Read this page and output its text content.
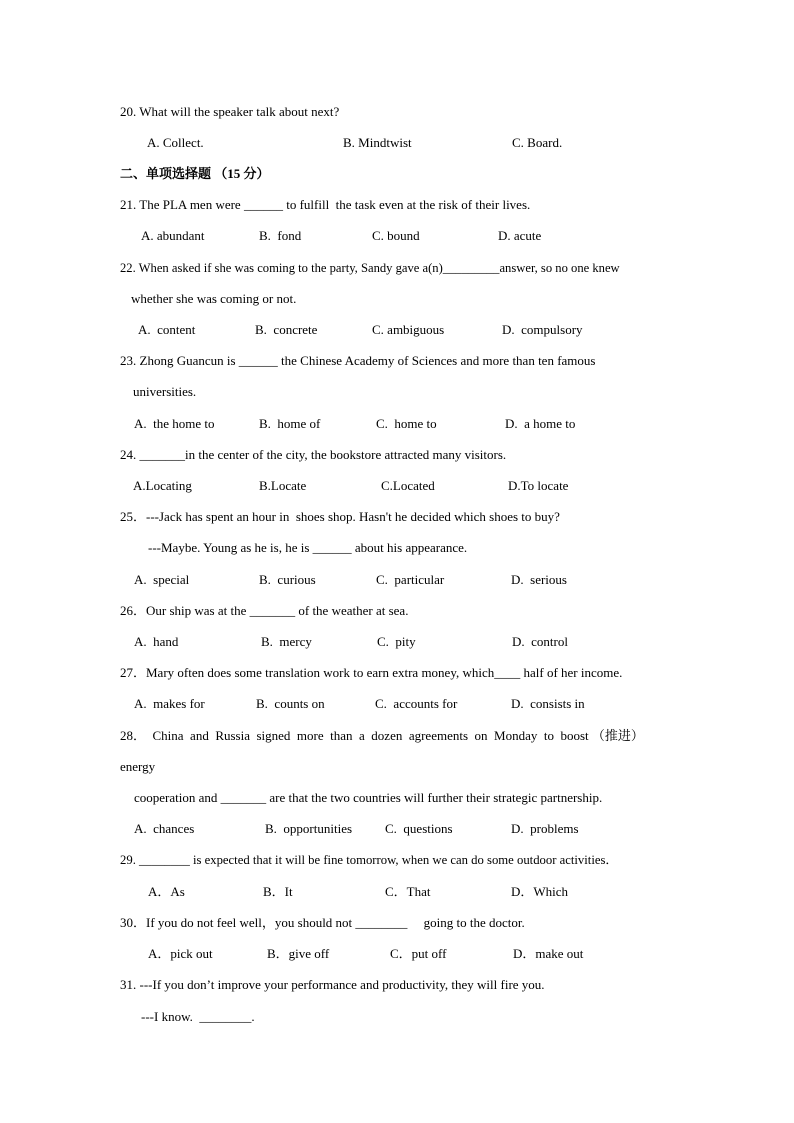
20. What will the speaker talk about next?
A. Collect.	B. Mindtwist	C. Board.
二、单项选择题 （15 分）
21. The PLA men were ______ to fulfill  the task even at the risk of their lives.
A. abundant	B.  fond	C. bound	D. acute
22. When asked if she was coming to the party, Sandy gave a(n)_________answer, so no one knew
whether she was coming or not.
A.  content	B.  concrete	C. ambiguous	D.  compulsory
23. Zhong Guancun is ______ the Chinese Academy of Sciences and more than ten famous
universities.
A.  the home to	B.  home of	C.  home to	D.  a home to
24. _______in the center of the city, the bookstore attracted many visitors.
A.Locating	B.Locate	C.Located	D.To locate
25．---Jack has spent an hour in  shoes shop. Hasn't he decided which shoes to buy?
---Maybe. Young as he is, he is ______ about his appearance.
A.  special	B.  curious	C.  particular	D.  serious
26．Our ship was at the _______ of the weather at sea.
A.  hand	B.  mercy	C.  pity	D.  control
27．Mary often does some translation work to earn extra money, which____ half of her income.
A.  makes for	B.  counts on	C.  accounts for	D.  consists in
28．  China  and  Russia  signed  more  than  a  dozen  agreements  on  Monday  to  boost （推进）
energy
cooperation and _______ are that the two countries will further their strategic partnership.
A.  chances	B.  opportunities	C.  questions	D.  problems
29. ________ is expected that it will be fine tomorrow, when we can do some outdoor activities．
A．As	B．It	C．That	D．Which
30．If you do not feel well，you should not ________     going to the doctor.
A．pick out	B．give off	C．put off	D．make out
31. ---If you don’t improve your performance and productivity, they will fire you.
---I know.  ________.
